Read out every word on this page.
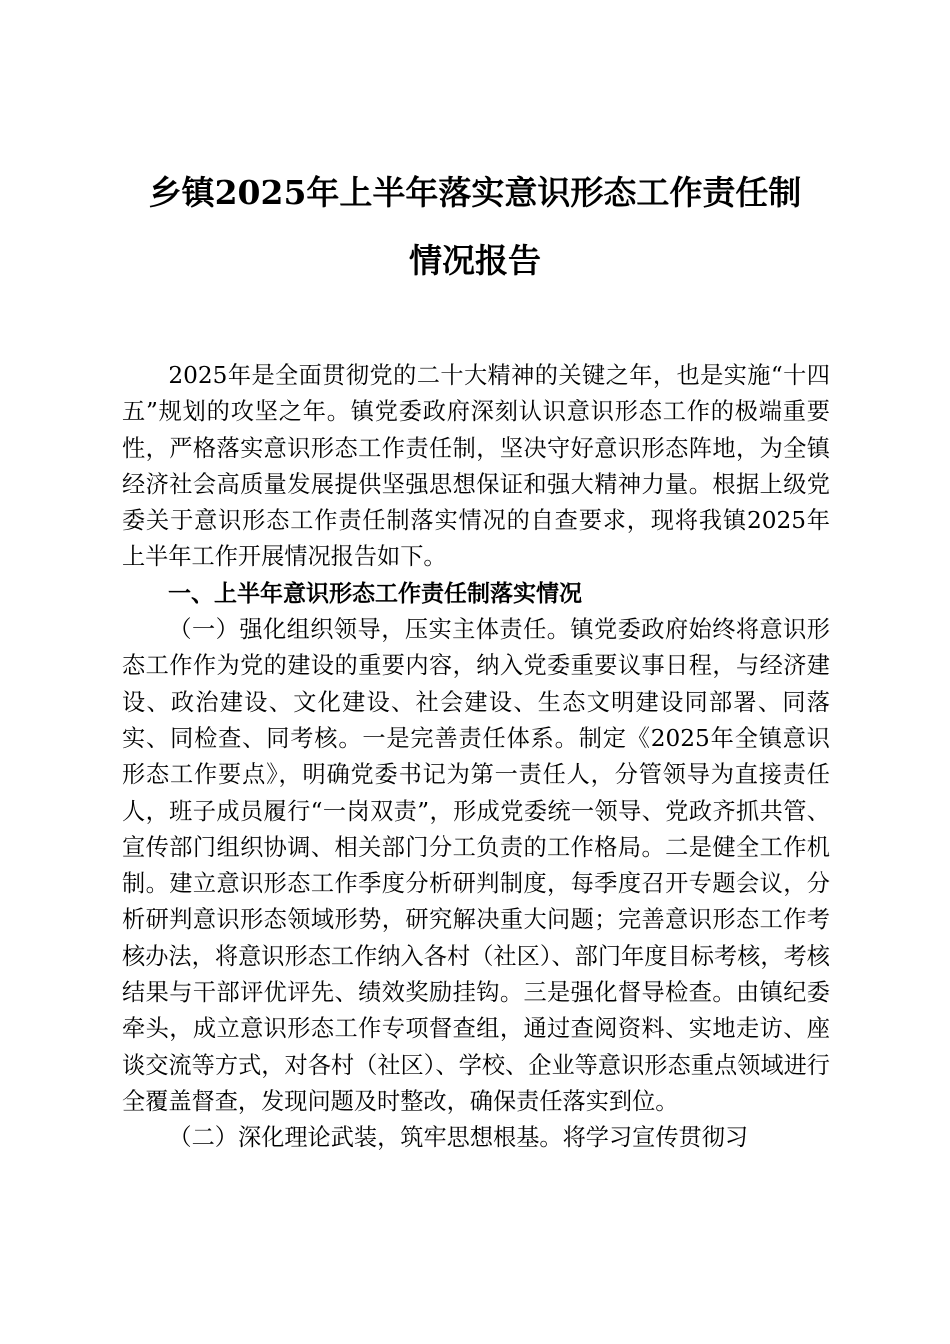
乡镇2025年上半年落实意识形态工作责任制
情况报告

2025年是全面贯彻党的二十大精神的关键之年，也是实施“十四五”规划的攻坚之年。镇党委政府深刻认识意识形态工作的极端重要性，严格落实意识形态工作责任制，坚决守好意识形态阵地，为全镇经济社会高质量发展提供坚强思想保证和强大精神力量。根据上级党委关于意识形态工作责任制落实情况的自查要求，现将我镇2025年上半年工作开展情况报告如下。

一、上半年意识形态工作责任制落实情况

（一）强化组织领导，压实主体责任。镇党委政府始终将意识形态工作作为党的建设的重要内容，纳入党委重要议事日程，与经济建设、政治建设、文化建设、社会建设、生态文明建设同部署、同落实、同检查、同考核。一是完善责任体系。制定《2025年全镇意识形态工作要点》，明确党委书记为第一责任人，分管领导为直接责任人，班子成员履行“一岗双责”，形成党委统一领导、党政齐抓共管、宣传部门组织协调、相关部门分工负责的工作格局。二是健全工作机制。建立意识形态工作季度分析研判制度，每季度召开专题会议，分析研判意识形态领域形势，研究解决重大问题；完善意识形态工作考核办法，将意识形态工作纳入各村（社区）、部门年度目标考核，考核结果与干部评优评先、绩效奖励挂钩。三是强化督导检查。由镇纪委牵头，成立意识形态工作专项督查组，通过查阅资料、实地走访、座谈交流等方式，对各村（社区）、学校、企业等意识形态重点领域进行全覆盖督查，发现问题及时整改，确保责任落实到位。

（二）深化理论武装，筑牢思想根基。将学习宣传贯彻习
